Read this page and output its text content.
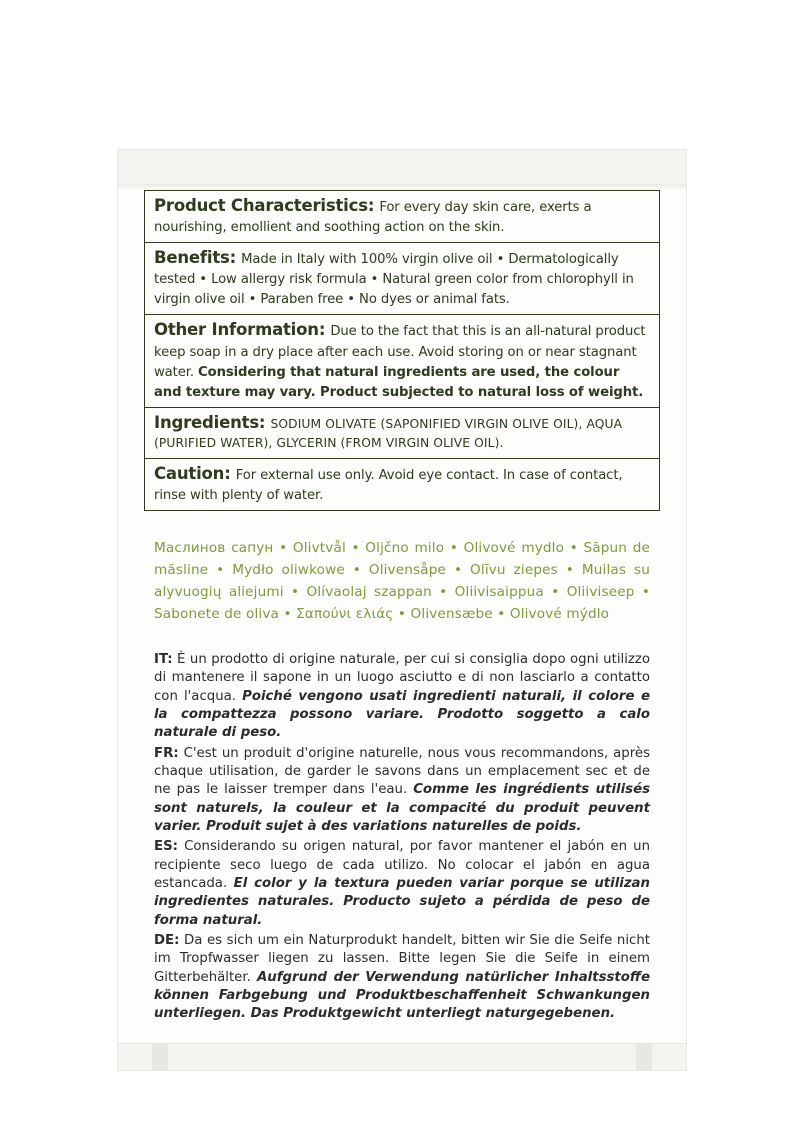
Product Characteristics: For every day skin care, exerts a nourishing, emollient and soothing action on the skin.
Benefits: Made in Italy with 100% virgin olive oil • Dermatologically tested • Low allergy risk formula • Natural green color from chlorophyll in virgin olive oil • Paraben free • No dyes or animal fats.
Other Information: Due to the fact that this is an all-natural product keep soap in a dry place after each use. Avoid storing on or near stagnant water. Considering that natural ingredients are used, the colour and texture may vary. Product subjected to natural loss of weight.
Ingredients: SODIUM OLIVATE (SAPONIFIED VIRGIN OLIVE OIL), AQUA (PURIFIED WATER), GLYCERIN (FROM VIRGIN OLIVE OIL).
Caution: For external use only. Avoid eye contact. In case of contact, rinse with plenty of water.
Маслинов сапун • Olivtvål • Oljčno milo • Olivové mydlo • Săpun de măsline • Mydło oliwkowe • Olivensåpe • Olīvu ziepes • Muilas su alyvuogių aliejumi • Olívaolaj szappan • Oliivisaippua • Oliiviseep • Sabonete de oliva • Σαπούνι ελιάς • Olivensæbe • Olivové mýdlo
IT: È un prodotto di origine naturale, per cui si consiglia dopo ogni utilizzo di mantenere il sapone in un luogo asciutto e di non lasciarlo a contatto con l'acqua. Poiché vengono usati ingredienti naturali, il colore e la compattezza possono variare. Prodotto soggetto a calo naturale di peso.
FR: C'est un produit d'origine naturelle, nous vous recommandons, après chaque utilisation, de garder le savons dans un emplacement sec et de ne pas le laisser tremper dans l'eau. Comme les ingrédients utilisés sont naturels, la couleur et la compacité du produit peuvent varier. Produit sujet à des variations naturelles de poids.
ES: Considerando su origen natural, por favor mantener el jabón en un recipiente seco luego de cada utilizo. No colocar el jabón en agua estancada. El color y la textura pueden variar porque se utilizan ingredientes naturales. Producto sujeto a pérdida de peso de forma natural.
DE: Da es sich um ein Naturprodukt handelt, bitten wir Sie die Seife nicht im Tropfwasser liegen zu lassen. Bitte legen Sie die Seife in einem Gitterbehälter. Aufgrund der Verwendung natürlicher Inhaltsstoffe können Farbgebung und Produktbeschaffenheit Schwankungen unterliegen. Das Produktgewicht unterliegt naturgegebenen.
